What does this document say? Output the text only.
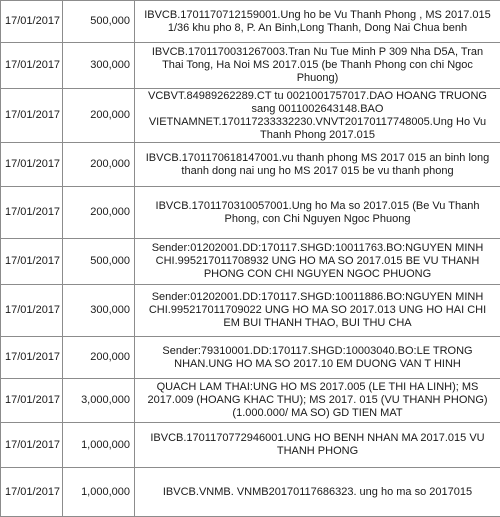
17/01/2017	500,000	IBVCB.1701170712159001.Ung ho be Vu Thanh Phong , MS 2017.015 1/36 khu pho 8, P. An Binh,Long Thanh, Dong Nai Chua benh
17/01/2017	300,000	IBVCB.1701170031267003.Tran Nu Tue Minh P 309 Nha D5A, Tran Thai Tong, Ha Noi MS 2017.015 (be Thanh Phong con chi Ngoc Phuong)
17/01/2017	200,000	VCBVT.84989262289.CT tu 0021001757017.DAO HOANG TRUONG sang 0011002643148.BAO VIETNAMNET.170117233332230.VNVT20170117748005.Ung Ho Vu Thanh Phong 2017.015
17/01/2017	200,000	IBVCB.1701170618147001.vu thanh phong MS 2017 015 an binh long thanh dong nai ung ho MS 2017 015 be vu thanh phong
17/01/2017	200,000	IBVCB.1701170310057001.Ung ho Ma so 2017.015 (Be Vu Thanh Phong, con Chi Nguyen Ngoc Phuong
17/01/2017	500,000	Sender:01202001.DD:170117.SHGD:10011763.BO:NGUYEN MINH CHI.995217011708932 UNG HO MA SO 2017.015 BE VU THANH PHONG CON CHI NGUYEN NGOC PHUONG
17/01/2017	300,000	Sender:01202001.DD:170117.SHGD:10011886.BO:NGUYEN MINH CHI.995217011709022 UNG HO MA SO 2017.013 UNG HO HAI CHI EM BUI THANH THAO, BUI THU CHA
17/01/2017	200,000	Sender:79310001.DD:170117.SHGD:10003040.BO:LE TRONG NHAN.UNG HO MA SO 2017.10 EM DUONG VAN T HINH
17/01/2017	3,000,000	QUACH LAM THAI:UNG HO MS 2017.005 (LE THI HA LINH); MS 2017.009 (HOANG KHAC THU); MS 2017. 015 (VU THANH PHONG) (1.000.000/ MA SO) GD TIEN MAT
17/01/2017	1,000,000	IBVCB.1701170772946001.UNG HO BENH NHAN MA 2017.015 VU THANH PHONG
17/01/2017	1,000,000	IBVCB.VNMB. VNMB20170117686323. ung ho ma so 2017015
